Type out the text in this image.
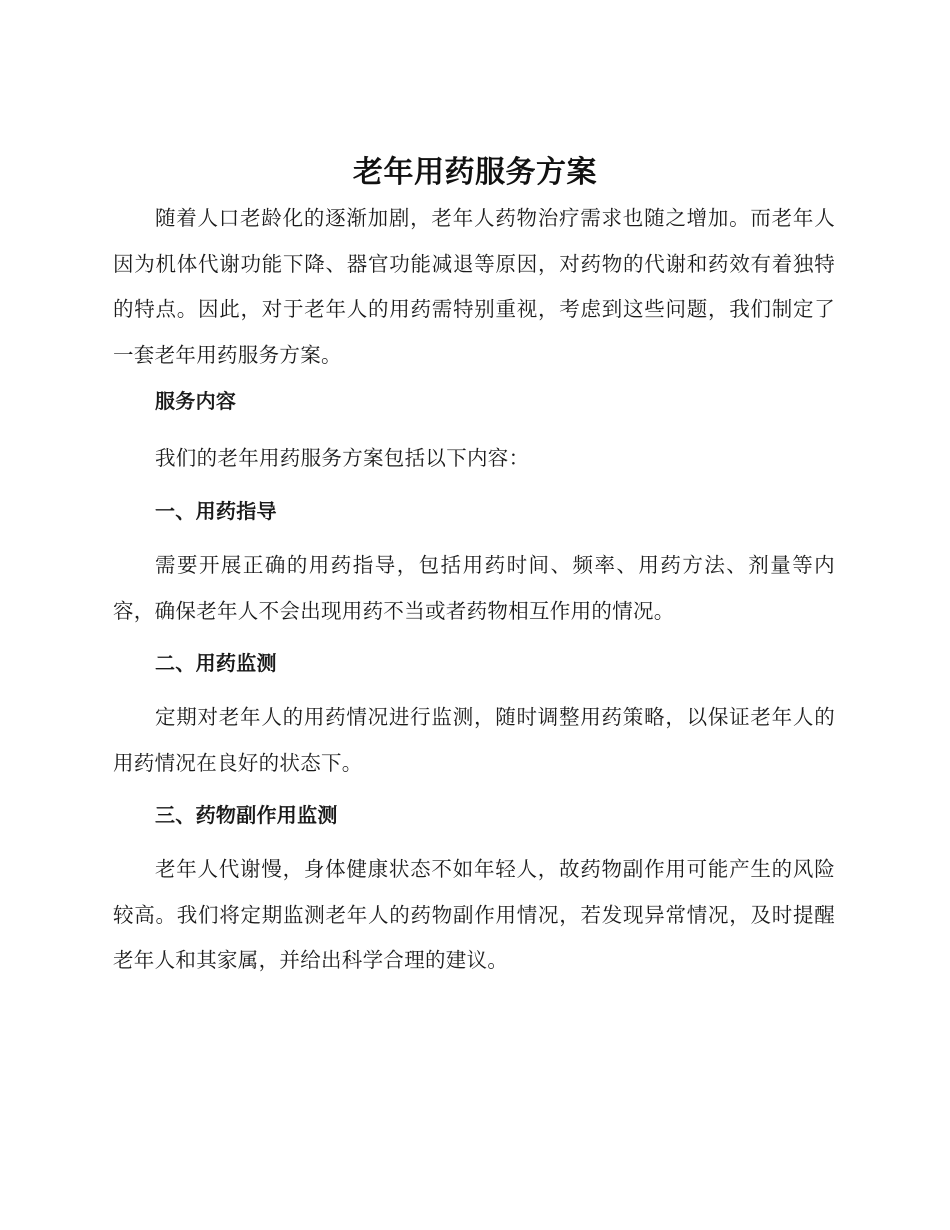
老年用药服务方案

随着人口老龄化的逐渐加剧，老年人药物治疗需求也随之增加。而老年人因为机体代谢功能下降、器官功能减退等原因，对药物的代谢和药效有着独特的特点。因此，对于老年人的用药需特别重视，考虑到这些问题，我们制定了一套老年用药服务方案。

服务内容

我们的老年用药服务方案包括以下内容：

一、用药指导

需要开展正确的用药指导，包括用药时间、频率、用药方法、剂量等内容，确保老年人不会出现用药不当或者药物相互作用的情况。

二、用药监测

定期对老年人的用药情况进行监测，随时调整用药策略，以保证老年人的用药情况在良好的状态下。

三、药物副作用监测

老年人代谢慢，身体健康状态不如年轻人，故药物副作用可能产生的风险较高。我们将定期监测老年人的药物副作用情况，若发现异常情况，及时提醒老年人和其家属，并给出科学合理的建议。
